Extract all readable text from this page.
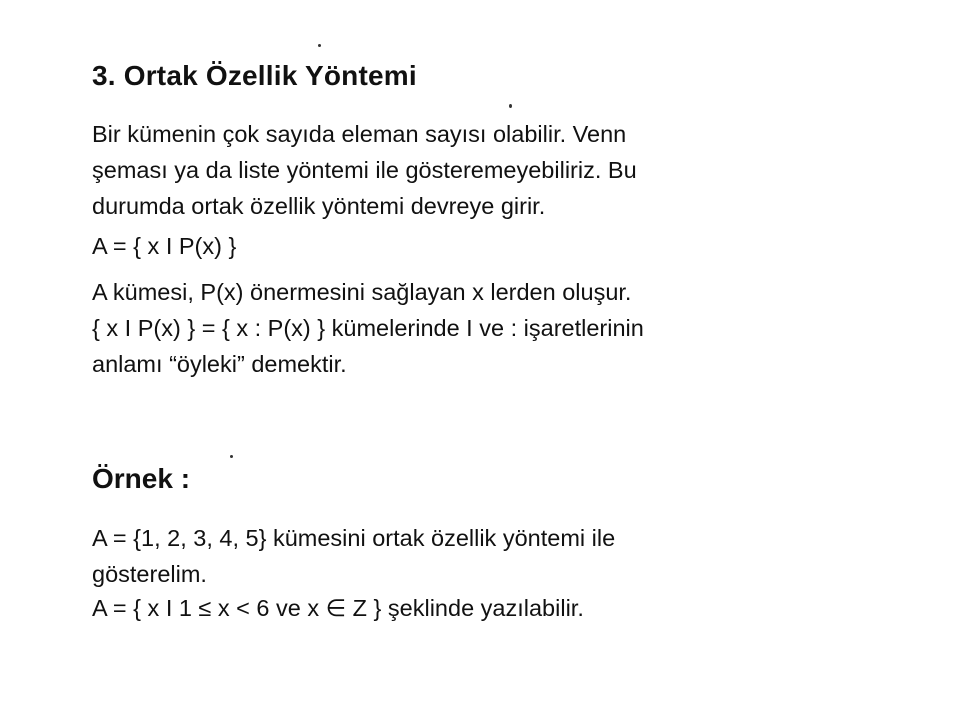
3. Ortak Özellik Yöntemi

Bir kümenin çok sayıda eleman sayısı olabilir. Venn

şeması ya da liste yöntemi ile gösteremeyebiliriz. Bu

durumda ortak özellik yöntemi devreye girir.

A = { x I P(x) }

A kümesi, P(x) önermesini sağlayan x lerden oluşur.

{ x I P(x) } = { x : P(x) } kümelerinde I ve : işaretlerinin

anlamı “öyleki” demektir.

Örnek :

A = {1, 2, 3, 4, 5} kümesini ortak özellik yöntemi ile

gösterelim.

A = { x I 1 ≤ x < 6 ve x ∈ Z } şeklinde yazılabilir.
